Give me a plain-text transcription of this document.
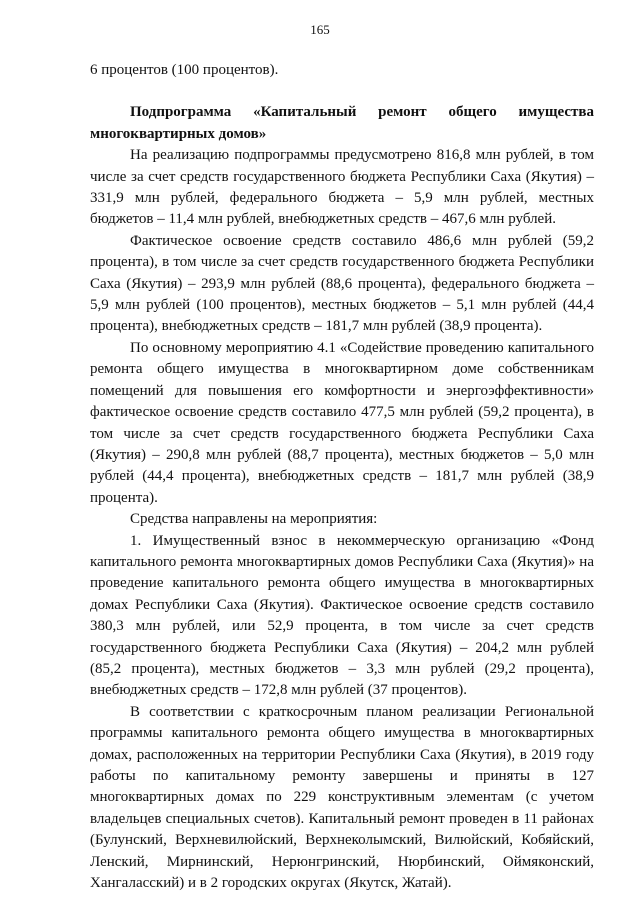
165

6 процентов (100 процентов).

Подпрограмма «Капитальный ремонт общего имущества многоквартирных домов»

На реализацию подпрограммы предусмотрено 816,8 млн рублей, в том числе за счет средств государственного бюджета Республики Саха (Якутия) – 331,9 млн рублей, федерального бюджета – 5,9 млн рублей, местных бюджетов – 11,4 млн рублей, внебюджетных средств – 467,6 млн рублей.

Фактическое освоение средств составило 486,6 млн рублей (59,2 процента), в том числе за счет средств государственного бюджета Республики Саха (Якутия) – 293,9 млн рублей (88,6 процента), федерального бюджета – 5,9 млн рублей (100 процентов), местных бюджетов – 5,1 млн рублей (44,4 процента), внебюджетных средств – 181,7 млн рублей (38,9 процента).

По основному мероприятию 4.1 «Содействие проведению капитального ремонта общего имущества в многоквартирном доме собственникам помещений для повышения его комфортности и энергоэффективности» фактическое освоение средств составило 477,5 млн рублей (59,2 процента), в том числе за счет средств государственного бюджета Республики Саха (Якутия) – 290,8 млн рублей (88,7 процента), местных бюджетов – 5,0 млн рублей (44,4 процента), внебюджетных средств – 181,7 млн рублей (38,9 процента).

Средства направлены на мероприятия:

1. Имущественный взнос в некоммерческую организацию «Фонд капитального ремонта многоквартирных домов Республики Саха (Якутия)» на проведение капитального ремонта общего имущества в многоквартирных домах Республики Саха (Якутия). Фактическое освоение средств составило 380,3 млн рублей, или 52,9 процента, в том числе за счет средств государственного бюджета Республики Саха (Якутия) – 204,2 млн рублей (85,2 процента), местных бюджетов – 3,3 млн рублей (29,2 процента), внебюджетных средств – 172,8 млн рублей (37 процентов).

В соответствии с краткосрочным планом реализации Региональной программы капитального ремонта общего имущества в многоквартирных домах, расположенных на территории Республики Саха (Якутия), в 2019 году работы по капитальному ремонту завершены и приняты в 127 многоквартирных домах по 229 конструктивным элементам (с учетом владельцев специальных счетов). Капитальный ремонт проведен в 11 районах (Булунский, Верхневилюйский, Верхнеколымский, Вилюйский, Кобяйский, Ленский, Мирнинский, Нерюнгринский, Нюрбинский, Оймяконский, Хангаласский) и в 2 городских округах (Якутск, Жатай).
